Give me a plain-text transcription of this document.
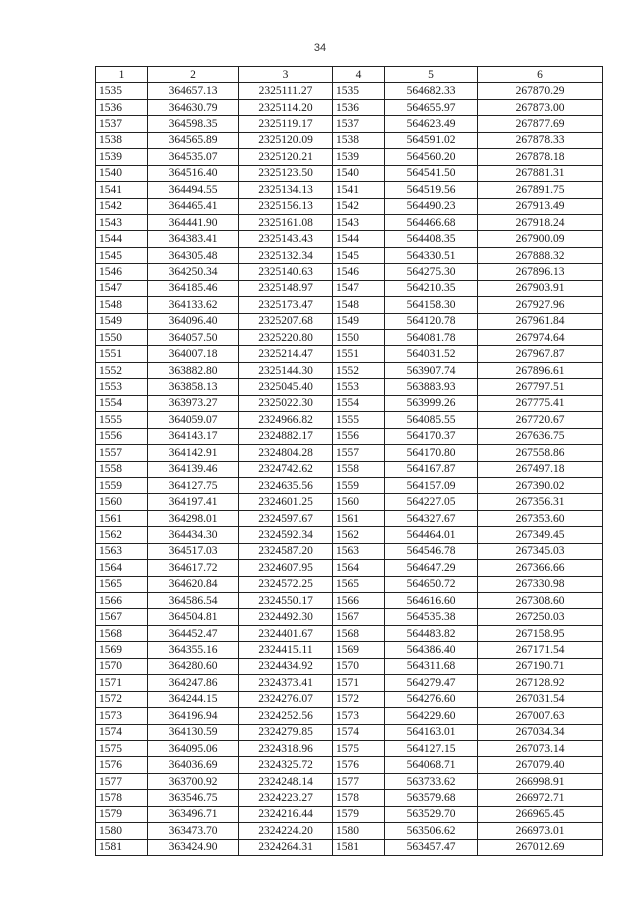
34
1	2	3	4	5	6
1535	364657.13	2325111.27	1535	564682.33	267870.29
1536	364630.79	2325114.20	1536	564655.97	267873.00
1537	364598.35	2325119.17	1537	564623.49	267877.69
1538	364565.89	2325120.09	1538	564591.02	267878.33
1539	364535.07	2325120.21	1539	564560.20	267878.18
1540	364516.40	2325123.50	1540	564541.50	267881.31
1541	364494.55	2325134.13	1541	564519.56	267891.75
1542	364465.41	2325156.13	1542	564490.23	267913.49
1543	364441.90	2325161.08	1543	564466.68	267918.24
1544	364383.41	2325143.43	1544	564408.35	267900.09
1545	364305.48	2325132.34	1545	564330.51	267888.32
1546	364250.34	2325140.63	1546	564275.30	267896.13
1547	364185.46	2325148.97	1547	564210.35	267903.91
1548	364133.62	2325173.47	1548	564158.30	267927.96
1549	364096.40	2325207.68	1549	564120.78	267961.84
1550	364057.50	2325220.80	1550	564081.78	267974.64
1551	364007.18	2325214.47	1551	564031.52	267967.87
1552	363882.80	2325144.30	1552	563907.74	267896.61
1553	363858.13	2325045.40	1553	563883.93	267797.51
1554	363973.27	2325022.30	1554	563999.26	267775.41
1555	364059.07	2324966.82	1555	564085.55	267720.67
1556	364143.17	2324882.17	1556	564170.37	267636.75
1557	364142.91	2324804.28	1557	564170.80	267558.86
1558	364139.46	2324742.62	1558	564167.87	267497.18
1559	364127.75	2324635.56	1559	564157.09	267390.02
1560	364197.41	2324601.25	1560	564227.05	267356.31
1561	364298.01	2324597.67	1561	564327.67	267353.60
1562	364434.30	2324592.34	1562	564464.01	267349.45
1563	364517.03	2324587.20	1563	564546.78	267345.03
1564	364617.72	2324607.95	1564	564647.29	267366.66
1565	364620.84	2324572.25	1565	564650.72	267330.98
1566	364586.54	2324550.17	1566	564616.60	267308.60
1567	364504.81	2324492.30	1567	564535.38	267250.03
1568	364452.47	2324401.67	1568	564483.82	267158.95
1569	364355.16	2324415.11	1569	564386.40	267171.54
1570	364280.60	2324434.92	1570	564311.68	267190.71
1571	364247.86	2324373.41	1571	564279.47	267128.92
1572	364244.15	2324276.07	1572	564276.60	267031.54
1573	364196.94	2324252.56	1573	564229.60	267007.63
1574	364130.59	2324279.85	1574	564163.01	267034.34
1575	364095.06	2324318.96	1575	564127.15	267073.14
1576	364036.69	2324325.72	1576	564068.71	267079.40
1577	363700.92	2324248.14	1577	563733.62	266998.91
1578	363546.75	2324223.27	1578	563579.68	266972.71
1579	363496.71	2324216.44	1579	563529.70	266965.45
1580	363473.70	2324224.20	1580	563506.62	266973.01
1581	363424.90	2324264.31	1581	563457.47	267012.69
